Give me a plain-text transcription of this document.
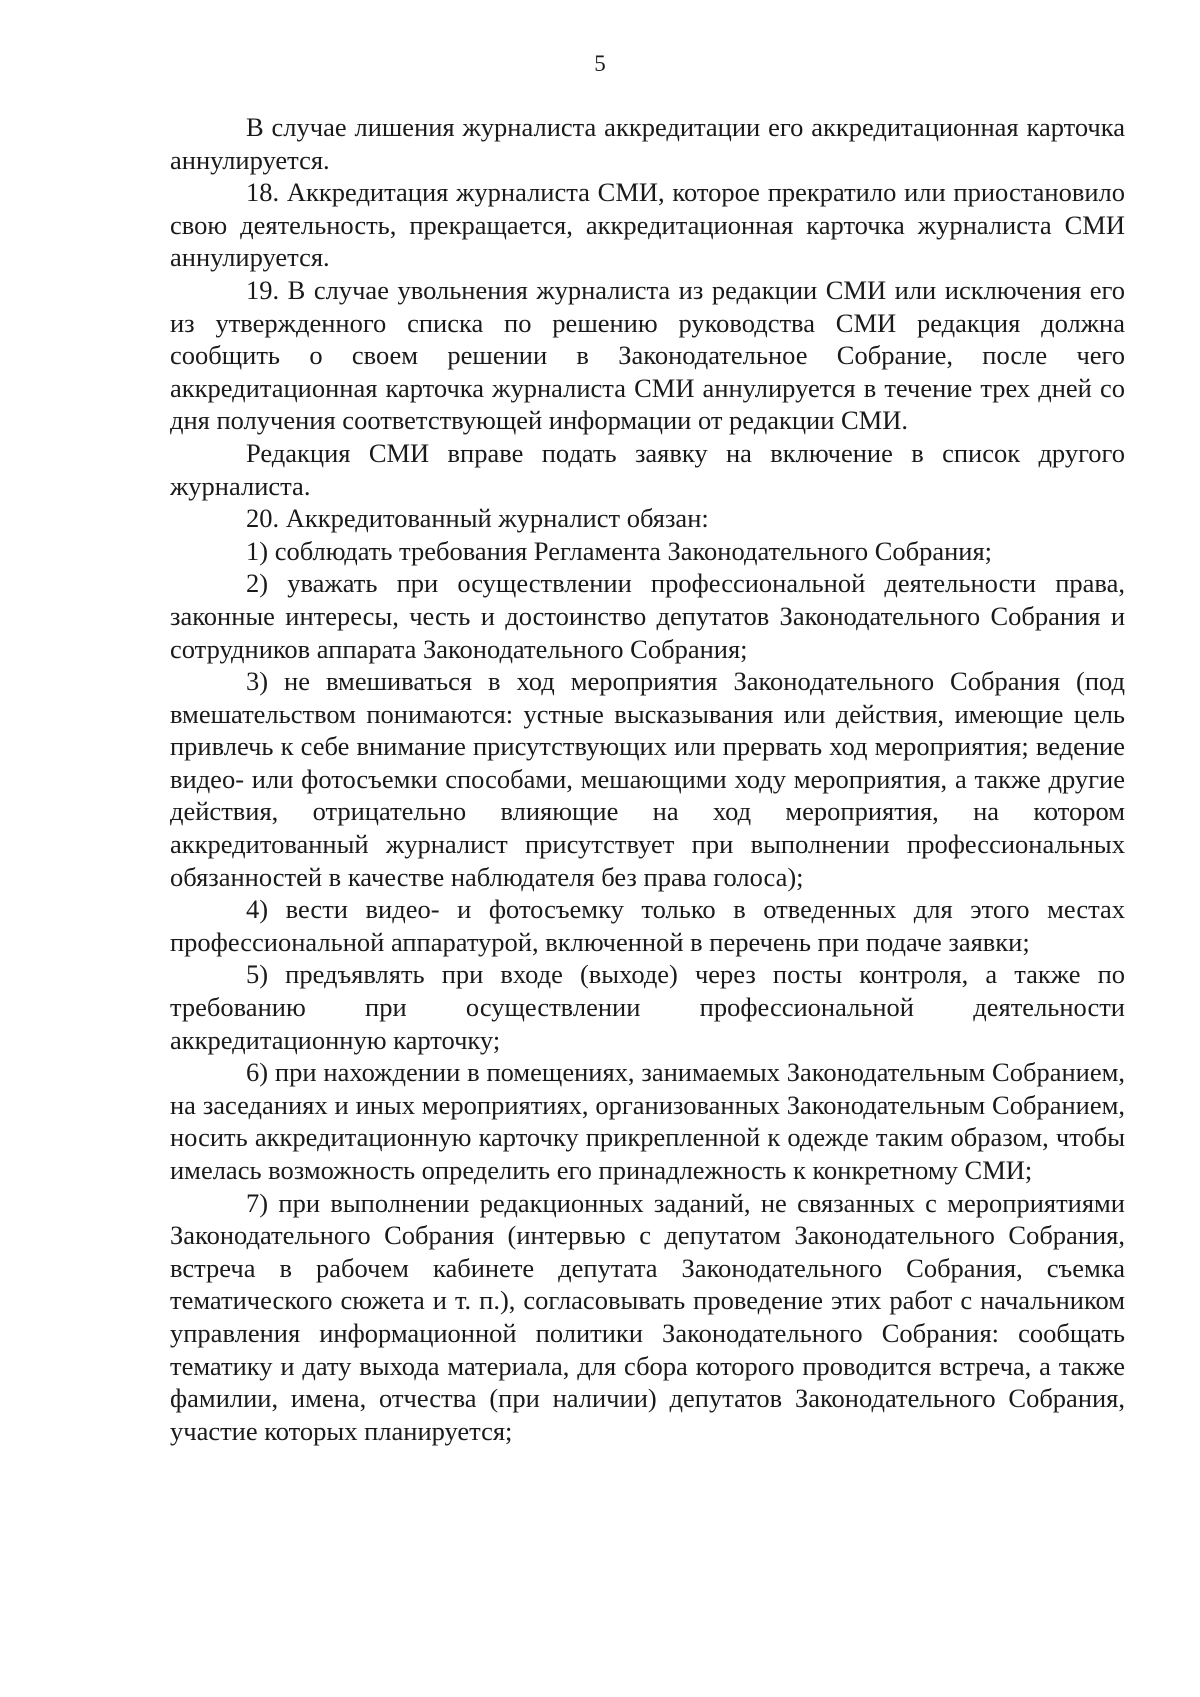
5

В случае лишения журналиста аккредитации его аккредитационная карточка аннулируется.

18. Аккредитация журналиста СМИ, которое прекратило или приостановило свою деятельность, прекращается, аккредитационная карточка журналиста СМИ аннулируется.

19. В случае увольнения журналиста из редакции СМИ или исключения его из утвержденного списка по решению руководства СМИ редакция должна сообщить о своем решении в Законодательное Собрание, после чего аккредитационная карточка журналиста СМИ аннулируется в течение трех дней со дня получения соответствующей информации от редакции СМИ.

Редакция СМИ вправе подать заявку на включение в список другого журналиста.

20. Аккредитованный журналист обязан:

1) соблюдать требования Регламента Законодательного Собрания;

2) уважать при осуществлении профессиональной деятельности права, законные интересы, честь и достоинство депутатов Законодательного Собрания и сотрудников аппарата Законодательного Собрания;

3) не вмешиваться в ход мероприятия Законодательного Собрания (под вмешательством понимаются: устные высказывания или действия, имеющие цель привлечь к себе внимание присутствующих или прервать ход мероприятия; ведение видео- или фотосъемки способами, мешающими ходу мероприятия, а также другие действия, отрицательно влияющие на ход мероприятия, на котором аккредитованный журналист присутствует при выполнении профессиональных обязанностей в качестве наблюдателя без права голоса);

4) вести видео- и фотосъемку только в отведенных для этого местах профессиональной аппаратурой, включенной в перечень при подаче заявки;

5) предъявлять при входе (выходе) через посты контроля, а также по требованию при осуществлении профессиональной деятельности аккредитационную карточку;

6) при нахождении в помещениях, занимаемых Законодательным Собранием, на заседаниях и иных мероприятиях, организованных Законодательным Собранием, носить аккредитационную карточку прикрепленной к одежде таким образом, чтобы имелась возможность определить его принадлежность к конкретному СМИ;

7) при выполнении редакционных заданий, не связанных с мероприятиями Законодательного Собрания (интервью с депутатом Законодательного Собрания, встреча в рабочем кабинете депутата Законодательного Собрания, съемка тематического сюжета и т. п.), согласовывать проведение этих работ с начальником управления информационной политики Законодательного Собрания: сообщать тематику и дату выхода материала, для сбора которого проводится встреча, а также фамилии, имена, отчества (при наличии) депутатов Законодательного Собрания, участие которых планируется;
